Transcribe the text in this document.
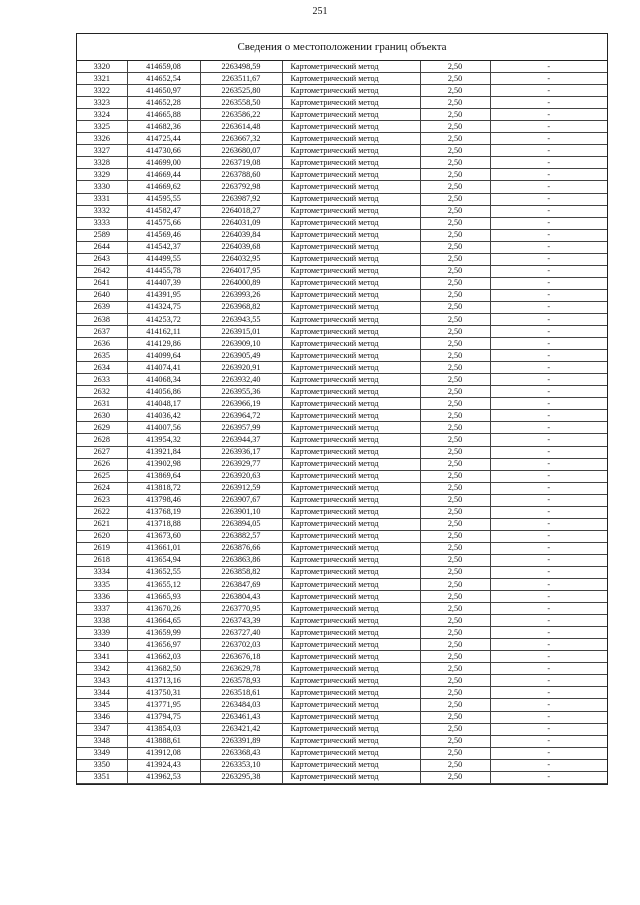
251
Сведения о местоположении границ объекта
3320	414659,08	2263498,59	Картометрический метод	2,50	-
3321	414652,54	2263511,67	Картометрический метод	2,50	-
3322	414650,97	2263525,80	Картометрический метод	2,50	-
3323	414652,28	2263558,50	Картометрический метод	2,50	-
3324	414665,88	2263586,22	Картометрический метод	2,50	-
3325	414682,36	2263614,48	Картометрический метод	2,50	-
3326	414725,44	2263667,32	Картометрический метод	2,50	-
3327	414730,66	2263680,07	Картометрический метод	2,50	-
3328	414699,00	2263719,08	Картометрический метод	2,50	-
3329	414669,44	2263788,60	Картометрический метод	2,50	-
3330	414669,62	2263792,98	Картометрический метод	2,50	-
3331	414595,55	2263987,92	Картометрический метод	2,50	-
3332	414582,47	2264018,27	Картометрический метод	2,50	-
3333	414575,66	2264031,09	Картометрический метод	2,50	-
2589	414569,46	2264039,84	Картометрический метод	2,50	-
2644	414542,37	2264039,68	Картометрический метод	2,50	-
2643	414499,55	2264032,95	Картометрический метод	2,50	-
2642	414455,78	2264017,95	Картометрический метод	2,50	-
2641	414407,39	2264000,89	Картометрический метод	2,50	-
2640	414391,95	2263993,26	Картометрический метод	2,50	-
2639	414324,75	2263968,82	Картометрический метод	2,50	-
2638	414253,72	2263943,55	Картометрический метод	2,50	-
2637	414162,11	2263915,01	Картометрический метод	2,50	-
2636	414129,86	2263909,10	Картометрический метод	2,50	-
2635	414099,64	2263905,49	Картометрический метод	2,50	-
2634	414074,41	2263920,91	Картометрический метод	2,50	-
2633	414068,34	2263932,40	Картометрический метод	2,50	-
2632	414056,86	2263955,36	Картометрический метод	2,50	-
2631	414048,17	2263966,19	Картометрический метод	2,50	-
2630	414036,42	2263964,72	Картометрический метод	2,50	-
2629	414007,56	2263957,99	Картометрический метод	2,50	-
2628	413954,32	2263944,37	Картометрический метод	2,50	-
2627	413921,84	2263936,17	Картометрический метод	2,50	-
2626	413902,98	2263929,77	Картометрический метод	2,50	-
2625	413869,64	2263920,63	Картометрический метод	2,50	-
2624	413818,72	2263912,59	Картометрический метод	2,50	-
2623	413798,46	2263907,67	Картометрический метод	2,50	-
2622	413768,19	2263901,10	Картометрический метод	2,50	-
2621	413718,88	2263894,05	Картометрический метод	2,50	-
2620	413673,60	2263882,57	Картометрический метод	2,50	-
2619	413661,01	2263876,66	Картометрический метод	2,50	-
2618	413654,94	2263863,86	Картометрический метод	2,50	-
3334	413652,55	2263858,82	Картометрический метод	2,50	-
3335	413655,12	2263847,69	Картометрический метод	2,50	-
3336	413665,93	2263804,43	Картометрический метод	2,50	-
3337	413670,26	2263770,95	Картометрический метод	2,50	-
3338	413664,65	2263743,39	Картометрический метод	2,50	-
3339	413659,99	2263727,40	Картометрический метод	2,50	-
3340	413656,97	2263702,03	Картометрический метод	2,50	-
3341	413662,03	2263676,18	Картометрический метод	2,50	-
3342	413682,50	2263629,78	Картометрический метод	2,50	-
3343	413713,16	2263578,93	Картометрический метод	2,50	-
3344	413750,31	2263518,61	Картометрический метод	2,50	-
3345	413771,95	2263484,03	Картометрический метод	2,50	-
3346	413794,75	2263461,43	Картометрический метод	2,50	-
3347	413854,03	2263421,42	Картометрический метод	2,50	-
3348	413888,61	2263391,89	Картометрический метод	2,50	-
3349	413912,08	2263368,43	Картометрический метод	2,50	-
3350	413924,43	2263353,10	Картометрический метод	2,50	-
3351	413962,53	2263295,38	Картометрический метод	2,50	-
